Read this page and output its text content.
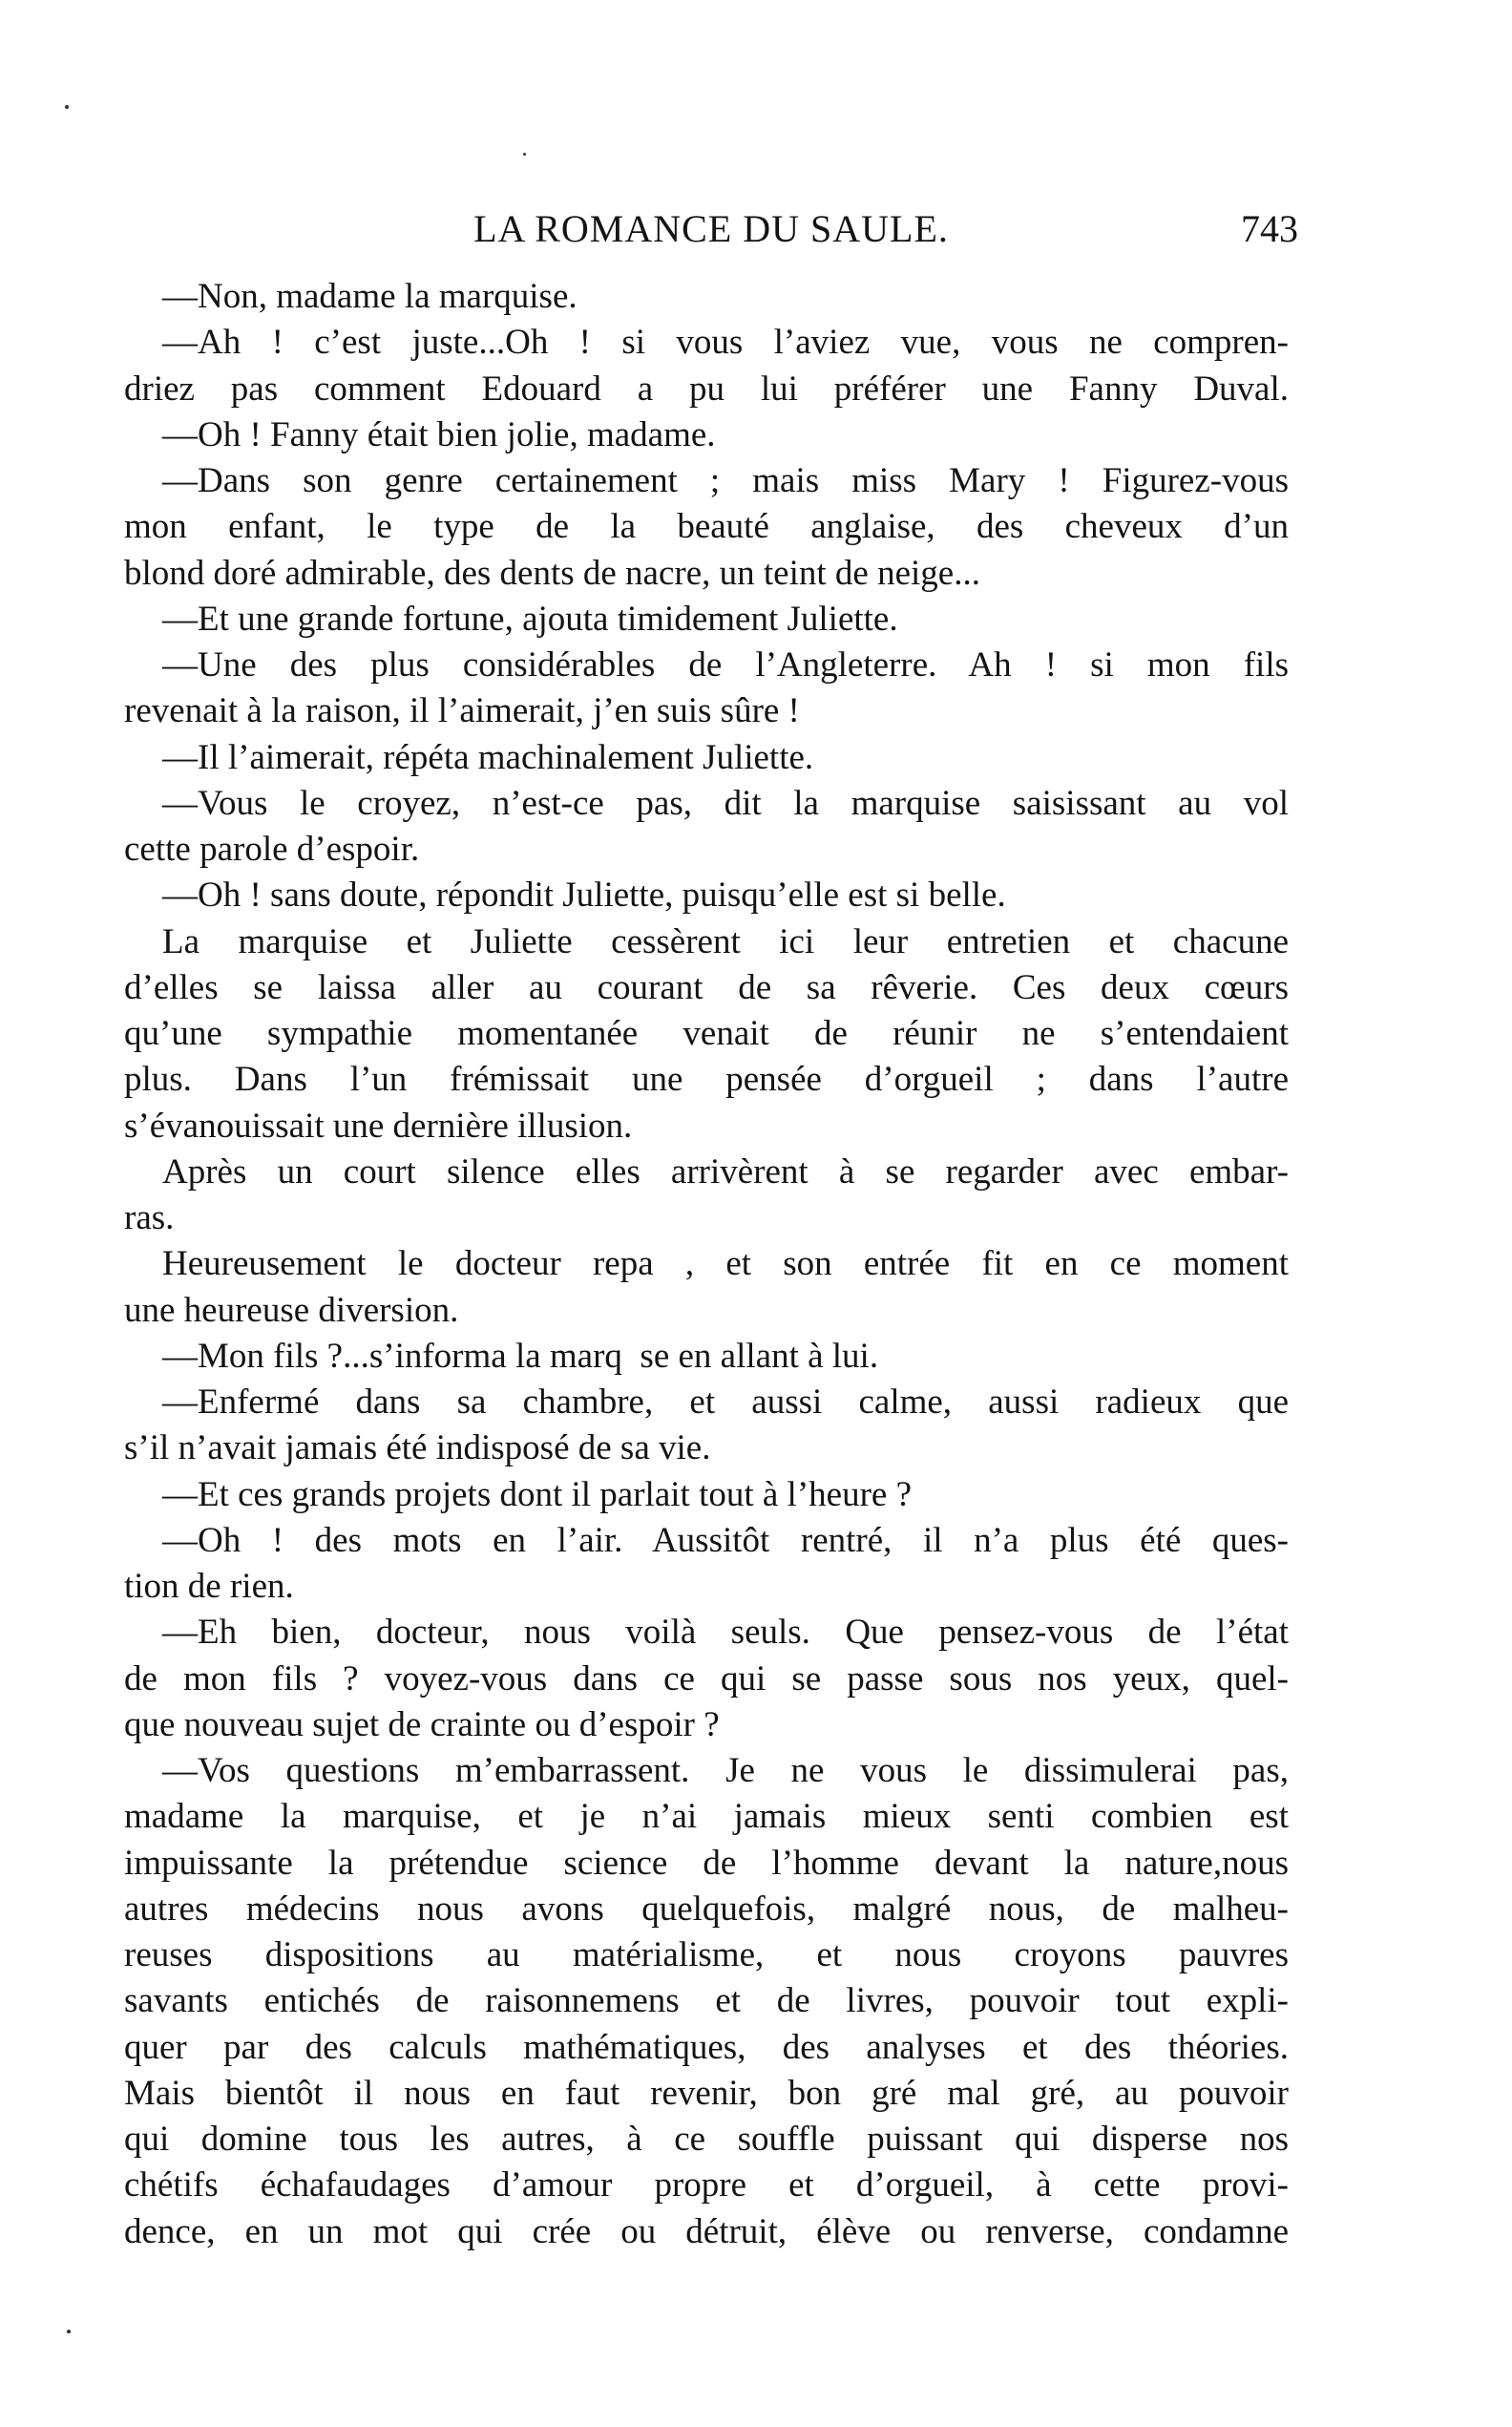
LA ROMANCE DU SAULE.	743
—Non, madame la marquise.
—Ah ! c’est juste...Oh ! si vous l’aviez vue, vous ne compren-
driez pas comment Edouard a pu lui préférer une Fanny Duval.
—Oh ! Fanny était bien jolie, madame.
—Dans son genre certainement ; mais miss Mary ! Figurez-vous
mon enfant, le type de la beauté anglaise, des cheveux d’un
blond doré admirable, des dents de nacre, un teint de neige...
—Et une grande fortune, ajouta timidement Juliette.
—Une des plus considérables de l’Angleterre. Ah ! si mon fils
revenait à la raison, il l’aimerait, j’en suis sûre !
—Il l’aimerait, répéta machinalement Juliette.
—Vous le croyez, n’est-ce pas, dit la marquise saisissant au vol
cette parole d’espoir.
—Oh ! sans doute, répondit Juliette, puisqu’elle est si belle.
La marquise et Juliette cessèrent ici leur entretien et chacune
d’elles se laissa aller au courant de sa rêverie. Ces deux cœurs
qu’une sympathie momentanée venait de réunir ne s’entendaient
plus. Dans l’un frémissait une pensée d’orgueil ; dans l’autre
s’évanouissait une dernière illusion.
Après un court silence elles arrivèrent à se regarder avec embar-
ras.
Heureusement le docteur repa , et son entrée fit en ce moment
une heureuse diversion.
—Mon fils ?...s’informa la marq  se en allant à lui.
—Enfermé dans sa chambre, et aussi calme, aussi radieux que
s’il n’avait jamais été indisposé de sa vie.
—Et ces grands projets dont il parlait tout à l’heure ?
—Oh ! des mots en l’air. Aussitôt rentré, il n’a plus été ques-
tion de rien.
—Eh bien, docteur, nous voilà seuls. Que pensez-vous de l’état
de mon fils ? voyez-vous dans ce qui se passe sous nos yeux, quel-
que nouveau sujet de crainte ou d’espoir ?
—Vos questions m’embarrassent. Je ne vous le dissimulerai pas,
madame la marquise, et je n’ai jamais mieux senti combien est
impuissante la prétendue science de l’homme devant la nature,nous
autres médecins nous avons quelquefois, malgré nous, de malheu-
reuses dispositions au matérialisme, et nous croyons pauvres
savants entichés de raisonnemens et de livres, pouvoir tout expli-
quer par des calculs mathématiques, des analyses et des théories.
Mais bientôt il nous en faut revenir, bon gré mal gré, au pouvoir
qui domine tous les autres, à ce souffle puissant qui disperse nos
chétifs échafaudages d’amour propre et d’orgueil, à cette provi-
dence, en un mot qui crée ou détruit, élève ou renverse, condamne
